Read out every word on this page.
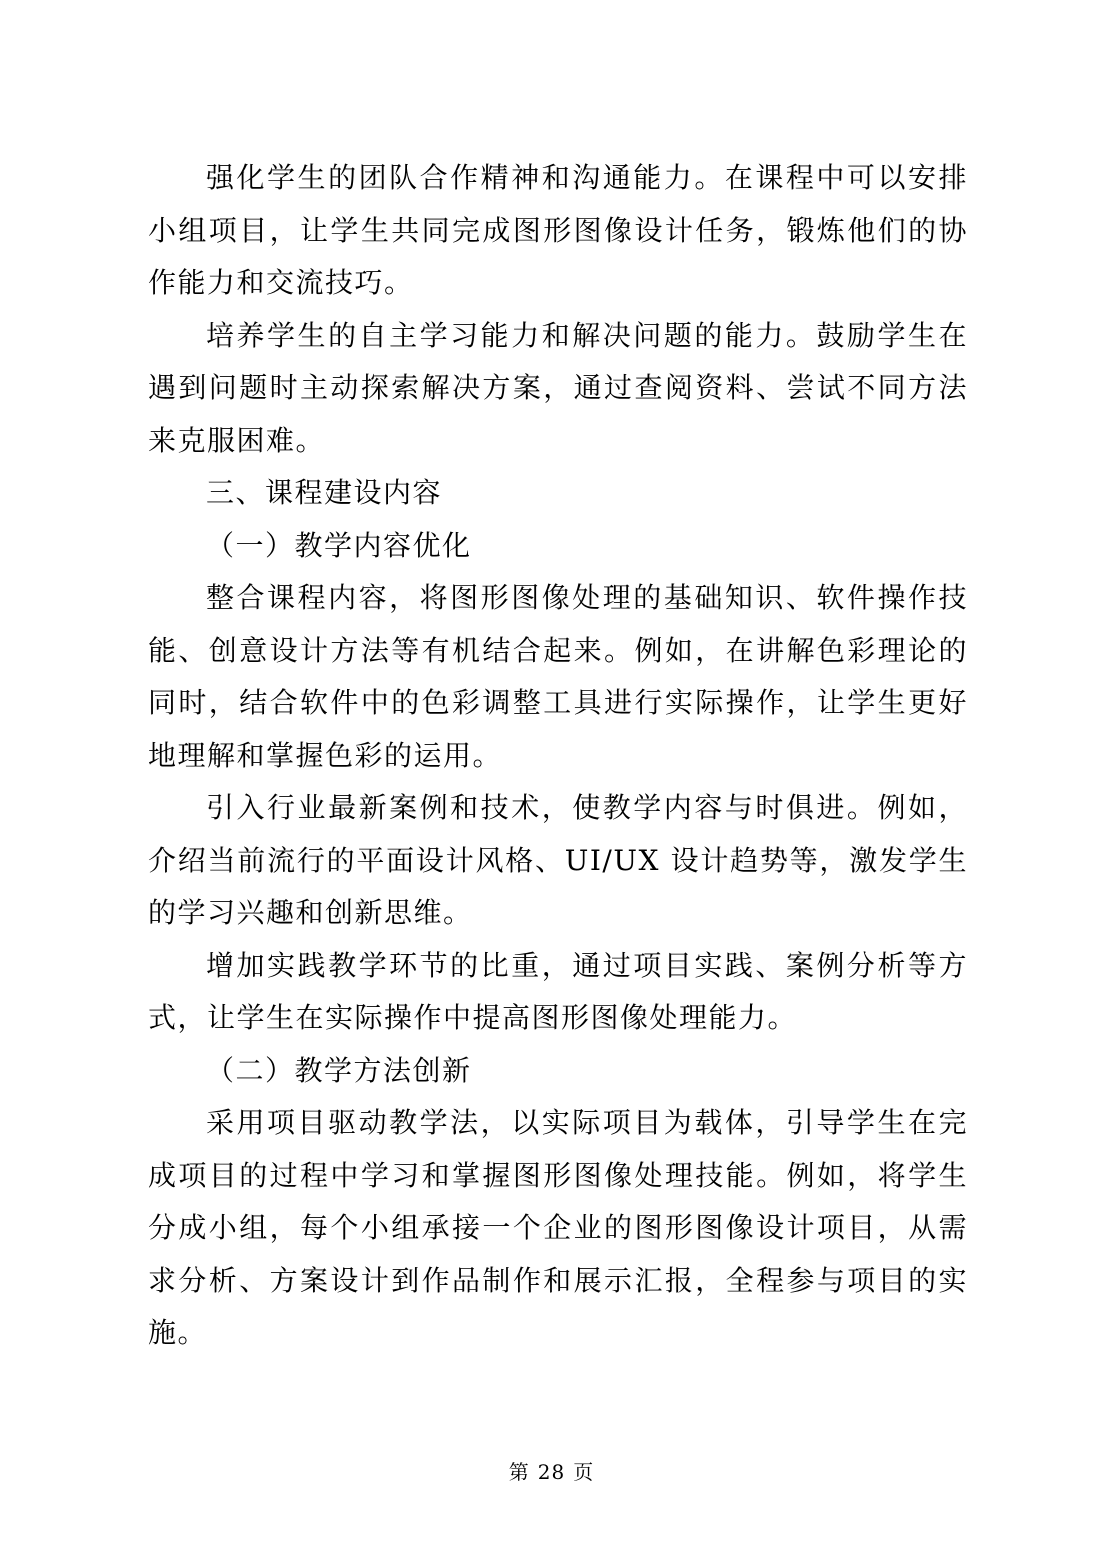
强化学生的团队合作精神和沟通能力。在课程中可以安排小组项目，让学生共同完成图形图像设计任务，锻炼他们的协作能力和交流技巧。

培养学生的自主学习能力和解决问题的能力。鼓励学生在遇到问题时主动探索解决方案，通过查阅资料、尝试不同方法来克服困难。

三、课程建设内容

（一）教学内容优化

整合课程内容，将图形图像处理的基础知识、软件操作技能、创意设计方法等有机结合起来。例如，在讲解色彩理论的同时，结合软件中的色彩调整工具进行实际操作，让学生更好地理解和掌握色彩的运用。

引入行业最新案例和技术，使教学内容与时俱进。例如，介绍当前流行的平面设计风格、UI/UX 设计趋势等，激发学生的学习兴趣和创新思维。

增加实践教学环节的比重，通过项目实践、案例分析等方式，让学生在实际操作中提高图形图像处理能力。

（二）教学方法创新

采用项目驱动教学法，以实际项目为载体，引导学生在完成项目的过程中学习和掌握图形图像处理技能。例如，将学生分成小组，每个小组承接一个企业的图形图像设计项目，从需求分析、方案设计到作品制作和展示汇报，全程参与项目的实施。

第 28 页
